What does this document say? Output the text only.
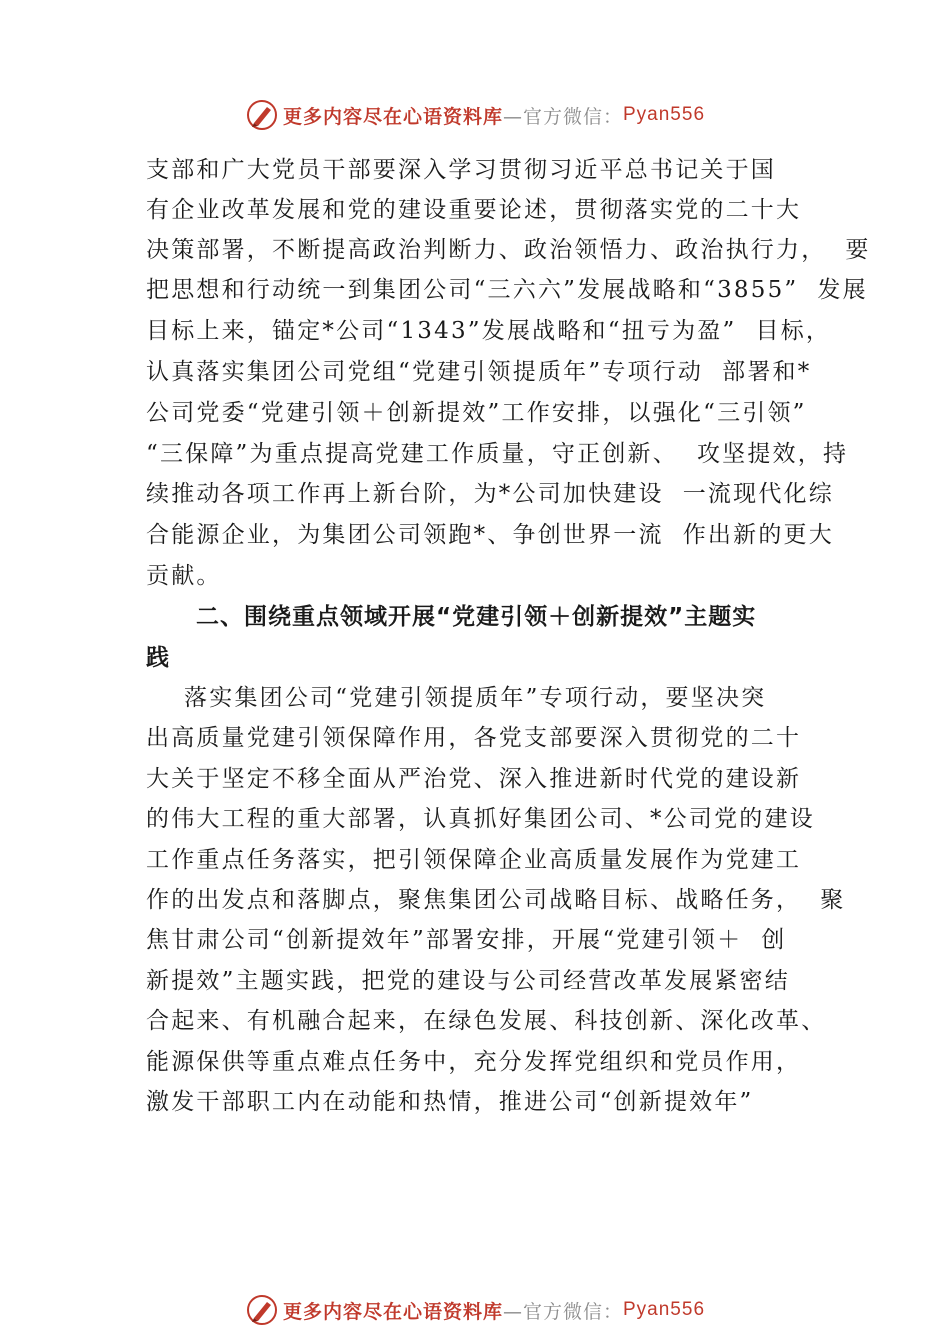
更多内容尽在心语资料库 —官方微信： Pyan556
支部和广大党员干部要深入学习贯彻习近平总书记关于国
有企业改革发展和党的建设重要论述，贯彻落实党的二十大
决策部署，不断提高政治判断力、政治领悟力、政治执行力，  要
把思想和行动统一到集团公司“三六六”发展战略和“3855”  发展
目标上来，锚定*公司“1343”发展战略和“扭亏为盈”  目标，
认真落实集团公司党组“党建引领提质年”专项行动  部署和*
公司党委“党建引领＋创新提效”工作安排，以强化“三引领”
“三保障”为重点提高党建工作质量，守正创新、  攻坚提效，持
续推动各项工作再上新台阶，为*公司加快建设  一流现代化综
合能源企业，为集团公司领跑*、争创世界一流  作出新的更大
贡献。
二、围绕重点领域开展“党建引领＋创新提效”主题实
践
落实集团公司“党建引领提质年”专项行动，要坚决突
出高质量党建引领保障作用，各党支部要深入贯彻党的二十
大关于坚定不移全面从严治党、深入推进新时代党的建设新
的伟大工程的重大部署，认真抓好集团公司、*公司党的建设
工作重点任务落实，把引领保障企业高质量发展作为党建工
作的出发点和落脚点，聚焦集团公司战略目标、战略任务，  聚
焦甘肃公司“创新提效年”部署安排，开展“党建引领＋  创
新提效”主题实践，把党的建设与公司经营改革发展紧密结
合起来、有机融合起来，在绿色发展、科技创新、深化改革、
能源保供等重点难点任务中，充分发挥党组织和党员作用，
激发干部职工内在动能和热情，推进公司“创新提效年”
更多内容尽在心语资料库 —官方微信： Pyan556
